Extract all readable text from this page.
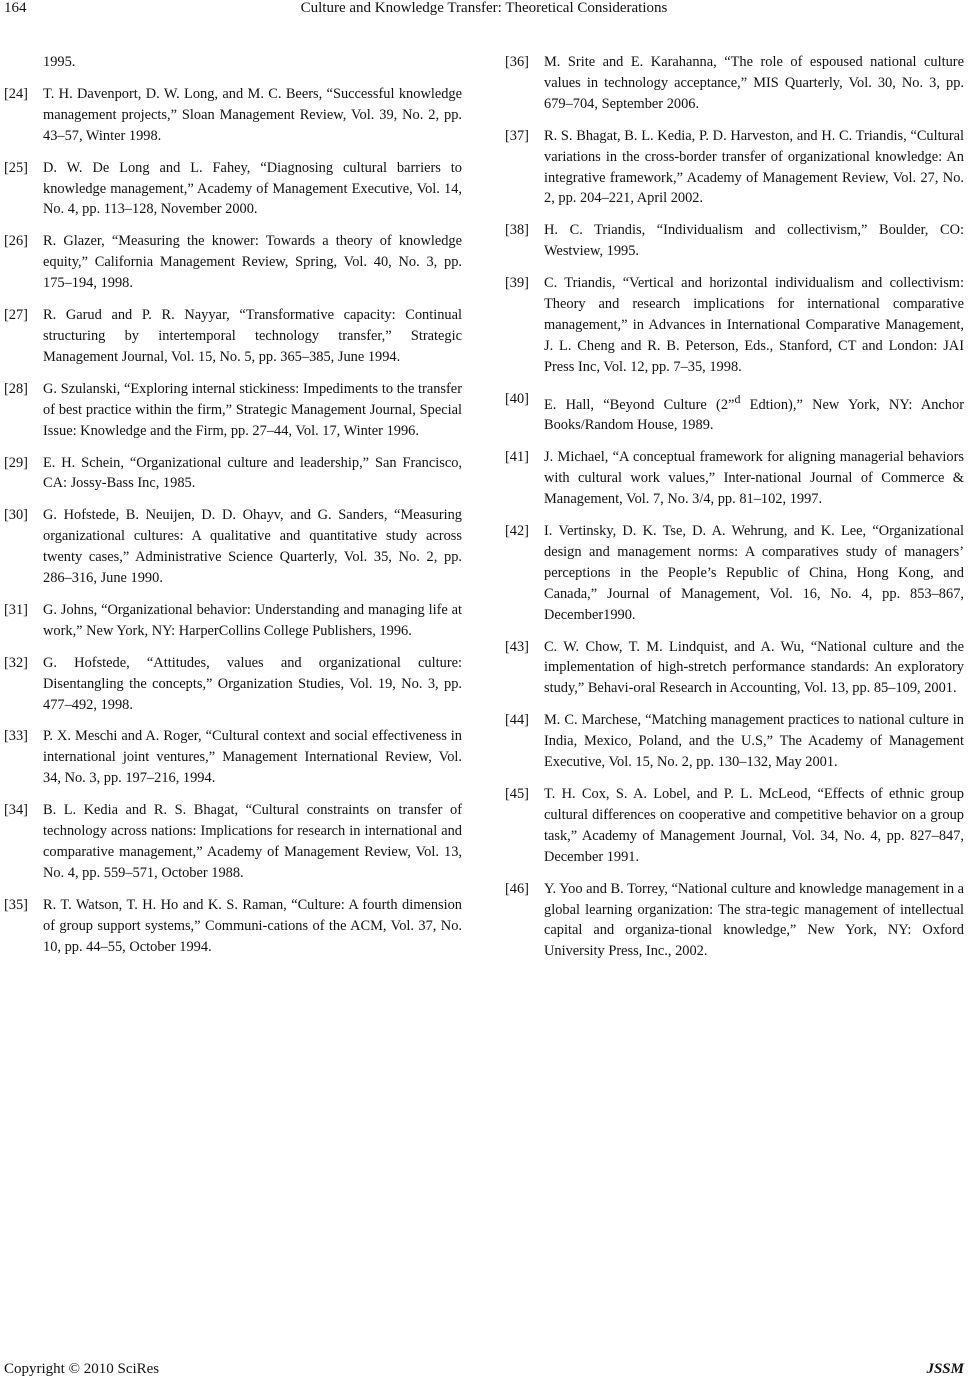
164	Culture and Knowledge Transfer: Theoretical Considerations
1995.
[24]	T. H. Davenport, D. W. Long, and M. C. Beers, “Successful knowledge management projects,” Sloan Management Review, Vol. 39, No. 2, pp. 43–57, Winter 1998.
[25]	D. W. De Long and L. Fahey, “Diagnosing cultural barriers to knowledge management,” Academy of Management Executive, Vol. 14, No. 4, pp. 113–128, November 2000.
[26]	R. Glazer, “Measuring the knower: Towards a theory of knowledge equity,” California Management Review, Spring, Vol. 40, No. 3, pp. 175–194, 1998.
[27]	R. Garud and P. R. Nayyar, “Transformative capacity: Continual structuring by intertemporal technology transfer,” Strategic Management Journal, Vol. 15, No. 5, pp. 365–385, June 1994.
[28]	G. Szulanski, “Exploring internal stickiness: Impediments to the transfer of best practice within the firm,” Strategic Management Journal, Special Issue: Knowledge and the Firm, pp. 27–44, Vol. 17, Winter 1996.
[29]	E. H. Schein, “Organizational culture and leadership,” San Francisco, CA: Jossy-Bass Inc, 1985.
[30]	G. Hofstede, B. Neuijen, D. D. Ohayv, and G. Sanders, “Measuring organizational cultures: A qualitative and quantitative study across twenty cases,” Administrative Science Quarterly, Vol. 35, No. 2, pp. 286–316, June 1990.
[31]	G. Johns, “Organizational behavior: Understanding and managing life at work,” New York, NY: HarperCollins College Publishers, 1996.
[32]	G. Hofstede, “Attitudes, values and organizational culture: Disentangling the concepts,” Organization Studies, Vol. 19, No. 3, pp. 477–492, 1998.
[33]	P. X. Meschi and A. Roger, “Cultural context and social effectiveness in international joint ventures,” Management International Review, Vol. 34, No. 3, pp. 197–216, 1994.
[34]	B. L. Kedia and R. S. Bhagat, “Cultural constraints on transfer of technology across nations: Implications for research in international and comparative management,” Academy of Management Review, Vol. 13, No. 4, pp. 559–571, October 1988.
[35]	R. T. Watson, T. H. Ho and K. S. Raman, “Culture: A fourth dimension of group support systems,” Communi-cations of the ACM, Vol. 37, No. 10, pp. 44–55, October 1994.
[36]	M. Srite and E. Karahanna, “The role of espoused national culture values in technology acceptance,” MIS Quarterly, Vol. 30, No. 3, pp. 679–704, September 2006.
[37]	R. S. Bhagat, B. L. Kedia, P. D. Harveston, and H. C. Triandis, “Cultural variations in the cross-border transfer of organizational knowledge: An integrative framework,” Academy of Management Review, Vol. 27, No. 2, pp. 204–221, April 2002.
[38]	H. C. Triandis, “Individualism and collectivism,” Boulder, CO: Westview, 1995.
[39]	C. Triandis, “Vertical and horizontal individualism and collectivism: Theory and research implications for international comparative management,” in Advances in International Comparative Management, J. L. Cheng and R. B. Peterson, Eds., Stanford, CT and London: JAI Press Inc, Vol. 12, pp. 7–35, 1998.
[40]	E. Hall, “Beyond Culture (2”$^d$ Edtion),” New York, NY: Anchor Books/Random House, 1989.
[41]	J. Michael, “A conceptual framework for aligning managerial behaviors with cultural work values,” Inter-national Journal of Commerce & Management, Vol. 7, No. 3/4, pp. 81–102, 1997.
[42]	I. Vertinsky, D. K. Tse, D. A. Wehrung, and K. Lee, “Organizational design and management norms: A comparatives study of managers’ perceptions in the People’s Republic of China, Hong Kong, and Canada,” Journal of Management, Vol. 16, No. 4, pp. 853–867, December1990.
[43]	C. W. Chow, T. M. Lindquist, and A. Wu, “National culture and the implementation of high-stretch performance standards: An exploratory study,” Behavi-oral Research in Accounting, Vol. 13, pp. 85–109, 2001.
[44]	M. C. Marchese, “Matching management practices to national culture in India, Mexico, Poland, and the U.S,” The Academy of Management Executive, Vol. 15, No. 2, pp. 130–132, May 2001.
[45]	T. H. Cox, S. A. Lobel, and P. L. McLeod, “Effects of ethnic group cultural differences on cooperative and competitive behavior on a group task,” Academy of Management Journal, Vol. 34, No. 4, pp. 827–847, December 1991.
[46]	Y. Yoo and B. Torrey, “National culture and knowledge management in a global learning organization: The stra-tegic management of intellectual capital and organiza-tional knowledge,” New York, NY: Oxford University Press, Inc., 2002.
Copyright © 2010 SciRes	JSSM
